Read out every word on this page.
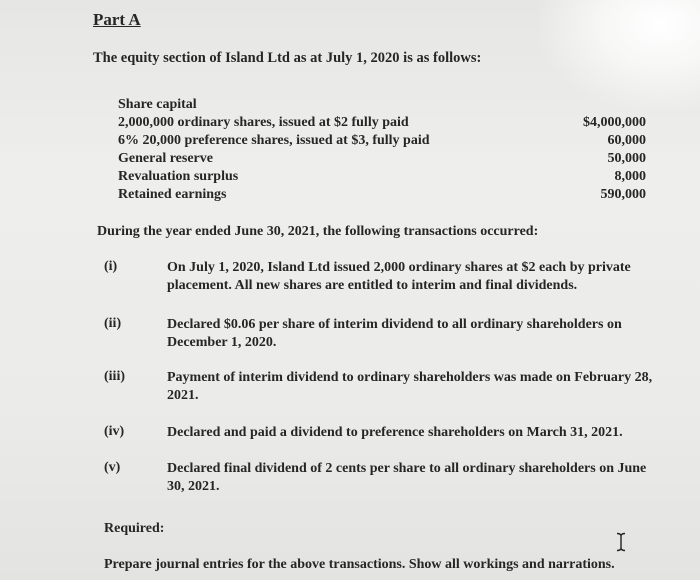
Part A
The equity section of Island Ltd as at July 1, 2020 is as follows:
Share capital
2,000,000 ordinary shares, issued at $2 fully paid	$4,000,000
6% 20,000 preference shares, issued at $3, fully paid	60,000
General reserve	50,000
Revaluation surplus	8,000
Retained earnings	590,000
During the year ended June 30, 2021, the following transactions occurred:
(i)	On July 1, 2020, Island Ltd issued 2,000 ordinary shares at $2 each by private placement. All new shares are entitled to interim and final dividends.
(ii)	Declared $0.06 per share of interim dividend to all ordinary shareholders on December 1, 2020.
(iii)	Payment of interim dividend to ordinary shareholders was made on February 28, 2021.
(iv)	Declared and paid a dividend to preference shareholders on March 31, 2021.
(v)	Declared final dividend of 2 cents per share to all ordinary shareholders on June 30, 2021.
Required:
Prepare journal entries for the above transactions. Show all workings and narrations.
